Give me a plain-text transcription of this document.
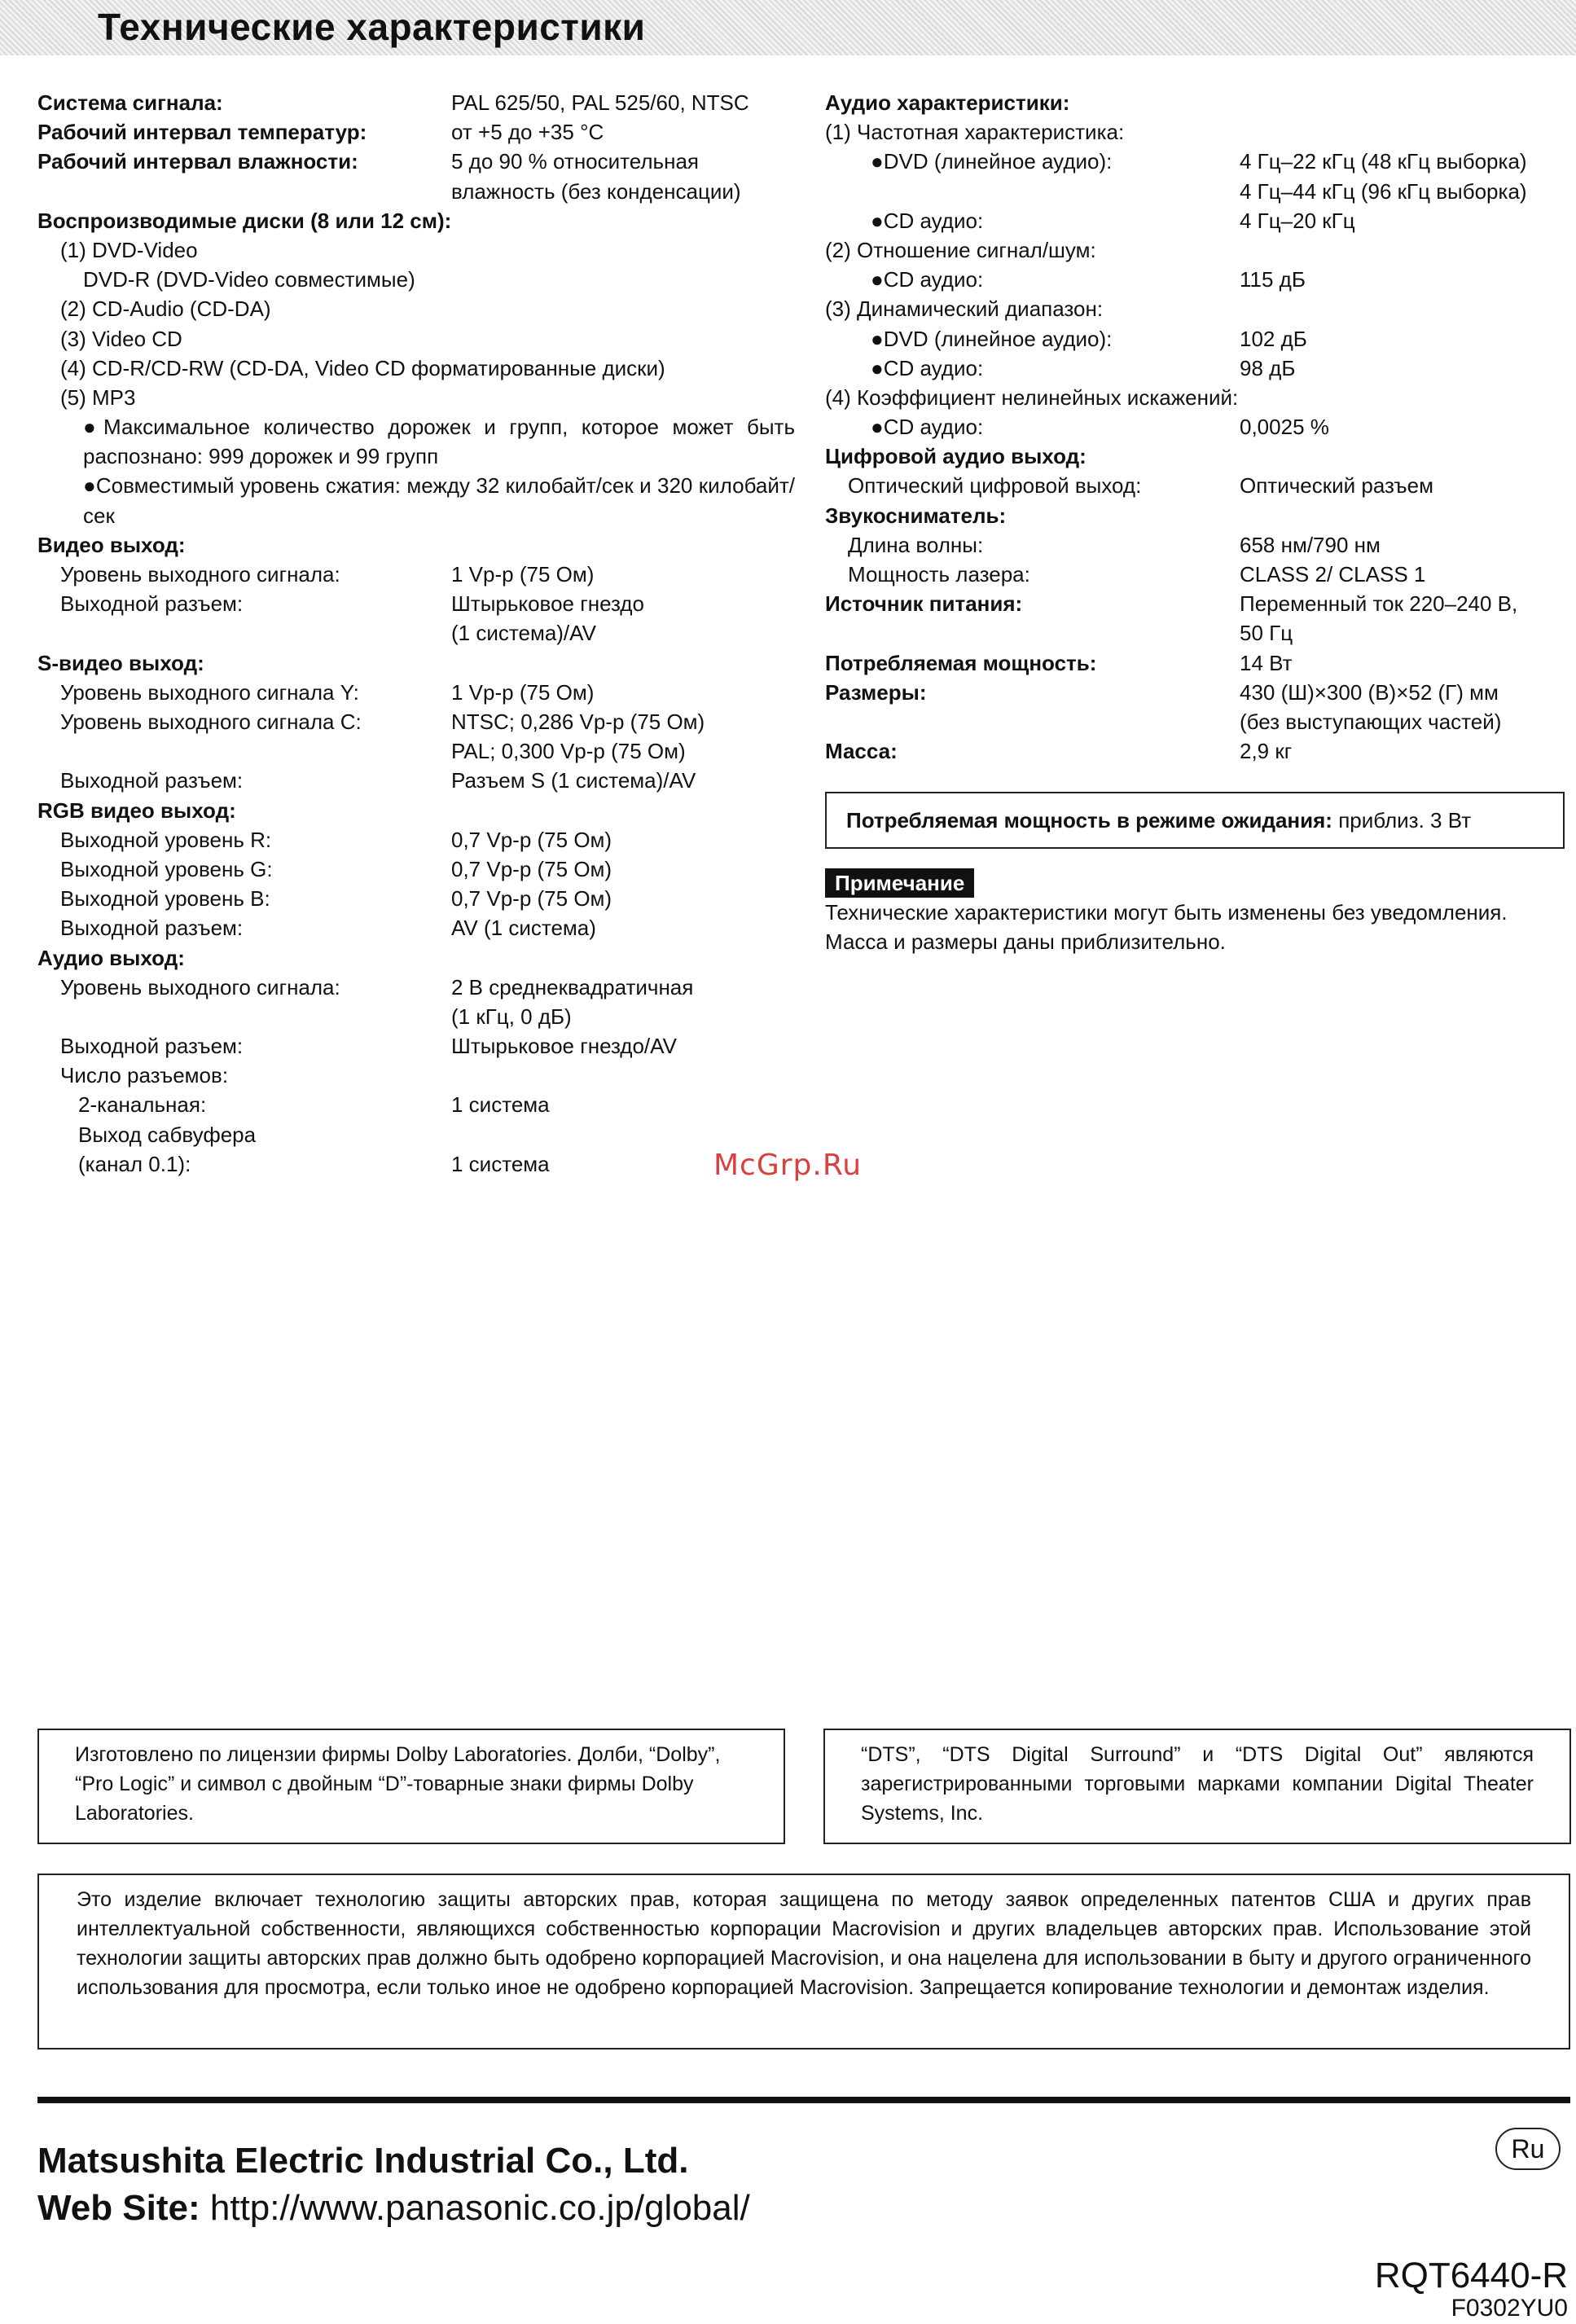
Технические характеристики
Система сигнала:	PAL 625/50, PAL 525/60, NTSC
Рабочий интервал температур:	от +5 до +35 °C
Рабочий интервал влажности:	5 до 90 % относительная
влажность (без конденсации)
Воспроизводимые диски (8 или 12 см):
(1) DVD-Video
DVD-R (DVD-Video совместимые)
(2) CD-Audio (CD-DA)
(3) Video CD
(4) CD-R/CD-RW (CD-DA, Video CD форматированные диски)
(5) MP3
●Максимальное количество дорожек и групп, которое может быть распознано: 999 дорожек и 99 групп
●Совместимый уровень сжатия: между 32 килобайт/сек и 320 килобайт/сек
Видео выход:
Уровень выходного сигнала:	1 Vp-p (75 Ом)
Выходной разъем:	Штырьковое гнездо
(1 система)/AV
S-видео выход:
Уровень выходного сигнала Y:	1 Vp-p (75 Ом)
Уровень выходного сигнала C:	NTSC; 0,286 Vp-p (75 Ом)
PAL; 0,300 Vp-p (75 Ом)
Выходной разъем:	Разъем S (1 система)/AV
RGB видео выход:
Выходной уровень R:	0,7 Vp-p (75 Ом)
Выходной уровень G:	0,7 Vp-p (75 Ом)
Выходной уровень B:	0,7 Vp-p (75 Ом)
Выходной разъем:	AV (1 система)
Аудио выход:
Уровень выходного сигнала:	2 В среднеквадратичная
(1 кГц, 0 дБ)
Выходной разъем:	Штырьковое гнездо/AV
Число разъемов:
2-канальная:	1 система
Выход сабвуфера
(канал 0.1):	1 система
Аудио характеристики:
(1) Частотная характеристика:
●DVD (линейное аудио):	4 Гц–22 кГц (48 кГц выборка)
4 Гц–44 кГц (96 кГц выборка)
●CD аудио:	4 Гц–20 кГц
(2) Отношение сигнал/шум:
●CD аудио:	115 дБ
(3) Динамический диапазон:
●DVD (линейное аудио):	102 дБ
●CD аудио:	98 дБ
(4) Коэффициент нелинейных искажений:
●CD аудио:	0,0025 %
Цифровой аудио выход:
Оптический цифровой выход:	Оптический разъем
Звукосниматель:
Длина волны:	658 нм/790 нм
Мощность лазера:	CLASS 2/ CLASS 1
Источник питания:	Переменный ток 220–240 В,
50 Гц
Потребляемая мощность:	14 Вт
Размеры:	430 (Ш)×300 (В)×52 (Г) мм
(без выступающих частей)
Масса:	2,9 кг
Потребляемая мощность в режиме ожидания: приблиз. 3 Вт
Примечание
Технические характеристики могут быть изменены без уведомления.
Масса и размеры даны приблизительно.
McGrp.Ru
Изготовлено по лицензии фирмы Dolby Laboratories. Долби, “Dolby”, “Pro Logic” и символ с двойным “D”-товарные знаки фирмы Dolby Laboratories.
“DTS”, “DTS Digital Surround” и “DTS Digital Out” являются зарегистрированными торговыми марками компании Digital Theater Systems, Inc.
Это изделие включает технологию защиты авторских прав, которая защищена по методу заявок определенных патентов США и других прав интеллектуальной собственности, являющихся собственностью корпорации Macrovision и других владельцев авторских прав. Использование этой технологии защиты авторских прав должно быть одобрено корпорацией Macrovision, и она нацелена для использовании в быту и другого ограниченного использования для просмотра, если только иное не одобрено корпорацией Macrovision. Запрещается копирование технологии и демонтаж изделия.
Matsushita Electric Industrial Co., Ltd.
Web Site: http://www.panasonic.co.jp/global/
Ru
RQT6440-R
F0302YU0
